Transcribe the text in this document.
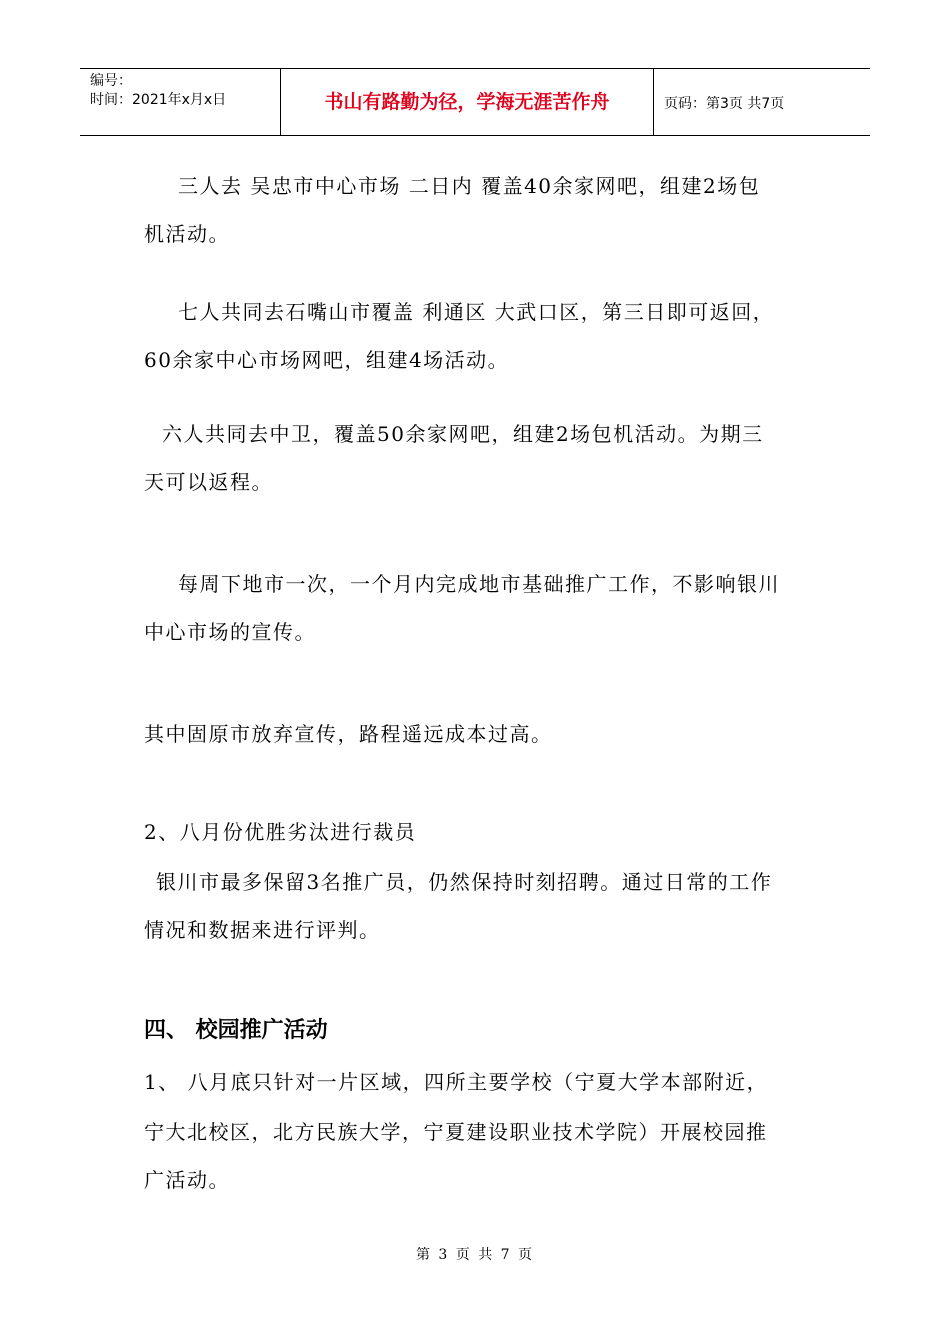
编号：
时间：2021年x月x日	书山有路勤为径，学海无涯苦作舟	页码：第3页 共7页
三人去 吴忠市中心市场 二日内 覆盖40余家网吧，组建2场包
机活动。
七人共同去石嘴山市覆盖 利通区 大武口区，第三日即可返回，
60余家中心市场网吧，组建4场活动。
六人共同去中卫，覆盖50余家网吧，组建2场包机活动。为期三
天可以返程。
每周下地市一次，一个月内完成地市基础推广工作，不影响银川
中心市场的宣传。
其中固原市放弃宣传，路程遥远成本过高。
2、八月份优胜劣汰进行裁员
银川市最多保留3名推广员，仍然保持时刻招聘。通过日常的工作
情况和数据来进行评判。
四、 校园推广活动
1、 八月底只针对一片区域，四所主要学校（宁夏大学本部附近，
宁大北校区，北方民族大学，宁夏建设职业技术学院）开展校园推
广活动。
第 3 页 共 7 页
